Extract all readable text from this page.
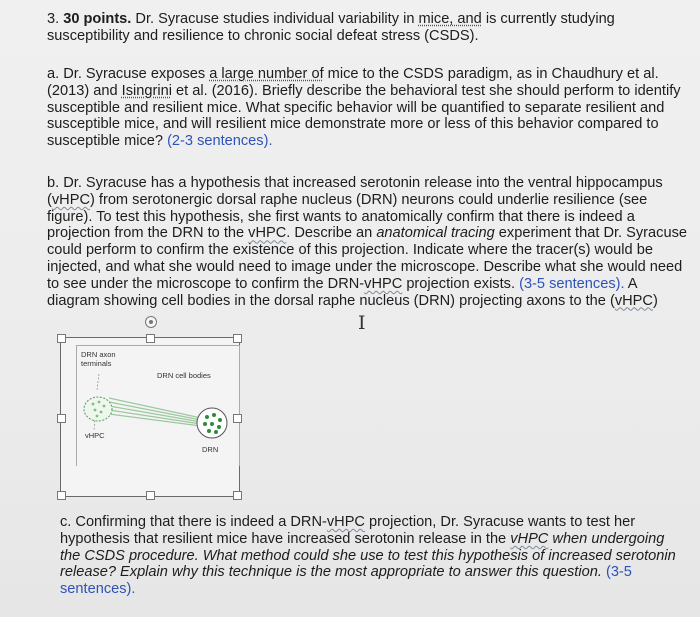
3. 30 points. Dr. Syracuse studies individual variability in mice, and is currently studying susceptibility and resilience to chronic social defeat stress (CSDS).

a. Dr. Syracuse exposes a large number of mice to the CSDS paradigm, as in Chaudhury et al. (2013) and Isingrini et al. (2016). Briefly describe the behavioral test she should perform to identify susceptible and resilient mice. What specific behavior will be quantified to separate resilient and susceptible mice, and will resilient mice demonstrate more or less of this behavior compared to susceptible mice? (2-3 sentences).

b. Dr. Syracuse has a hypothesis that increased serotonin release into the ventral hippocampus (vHPC) from serotonergic dorsal raphe nucleus (DRN) neurons could underlie resilience (see figure). To test this hypothesis, she first wants to anatomically confirm that there is indeed a projection from the DRN to the vHPC. Describe an anatomical tracing experiment that Dr. Syracuse could perform to confirm the existence of this projection. Indicate where the tracer(s) would be injected, and what she would need to image under the microscope. Describe what she would need to see under the microscope to confirm the DRN-vHPC projection exists. (3-5 sentences). A diagram showing cell bodies in the dorsal raphe nucleus (DRN) projecting axons to the (vHPC)

I
DRN axon terminals
DRN cell bodies
vHPC
DRN

c. Confirming that there is indeed a DRN-vHPC projection, Dr. Syracuse wants to test her hypothesis that resilient mice have increased serotonin release in the vHPC when undergoing the CSDS procedure. What method could she use to test this hypothesis of increased serotonin release? Explain why this technique is the most appropriate to answer this question. (3-5 sentences).
